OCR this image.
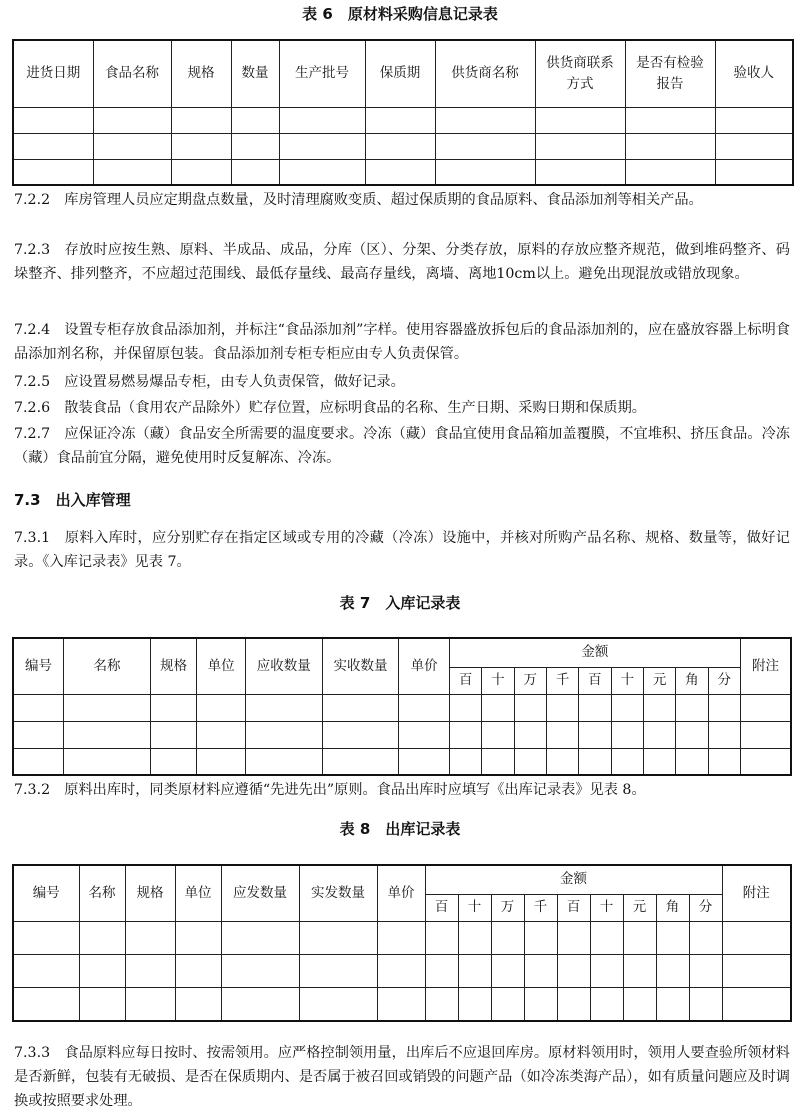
表 6　原材料采购信息记录表
进货日期	食品名称	规格	数量	生产批号	保质期	供货商名称	供货商联系方式	是否有检验报告	验收人

7.2.2　库房管理人员应定期盘点数量，及时清理腐败变质、超过保质期的食品原料、食品添加剂等相关产品。

7.2.3　存放时应按生熟、原料、半成品、成品，分库（区）、分架、分类存放，原料的存放应整齐规范，做到堆码整齐、码垛整齐、排列整齐，不应超过范围线、最低存量线、最高存量线，离墙、离地10cm以上。避免出现混放或错放现象。

7.2.4　设置专柜存放食品添加剂，并标注“食品添加剂”字样。使用容器盛放拆包后的食品添加剂的，应在盛放容器上标明食品添加剂名称，并保留原包装。食品添加剂专柜专柜应由专人负责保管。

7.2.5　应设置易燃易爆品专柜，由专人负责保管，做好记录。

7.2.6　散装食品（食用农产品除外）贮存位置，应标明食品的名称、生产日期、采购日期和保质期。

7.2.7　应保证冷冻（藏）食品安全所需要的温度要求。冷冻（藏）食品宜使用食品箱加盖覆膜，不宜堆积、挤压食品。冷冻（藏）食品前宜分隔，避免使用时反复解冻、冷冻。

7.3　出入库管理

7.3.1　原料入库时，应分别贮存在指定区域或专用的冷藏（冷冻）设施中，并核对所购产品名称、规格、数量等，做好记录。《入库记录表》见表 7。

表 7　入库记录表
编号	名称	规格	单位	应收数量	实收数量	单价	金额									附注
							百	十	万	千	百	十	元	角	分	

7.3.2　原料出库时，同类原材料应遵循“先进先出”原则。食品出库时应填写《出库记录表》见表 8。

表 8　出库记录表
编号	名称	规格	单位	应发数量	实发数量	单价	金额									附注
							百	十	万	千	百	十	元	角	分	

7.3.3　食品原料应每日按时、按需领用。应严格控制领用量，出库后不应退回库房。原材料领用时，领用人要查验所领材料是否新鲜，包装有无破损、是否在保质期内、是否属于被召回或销毁的问题产品（如冷冻类海产品），如有质量问题应及时调换或按照要求处理。
